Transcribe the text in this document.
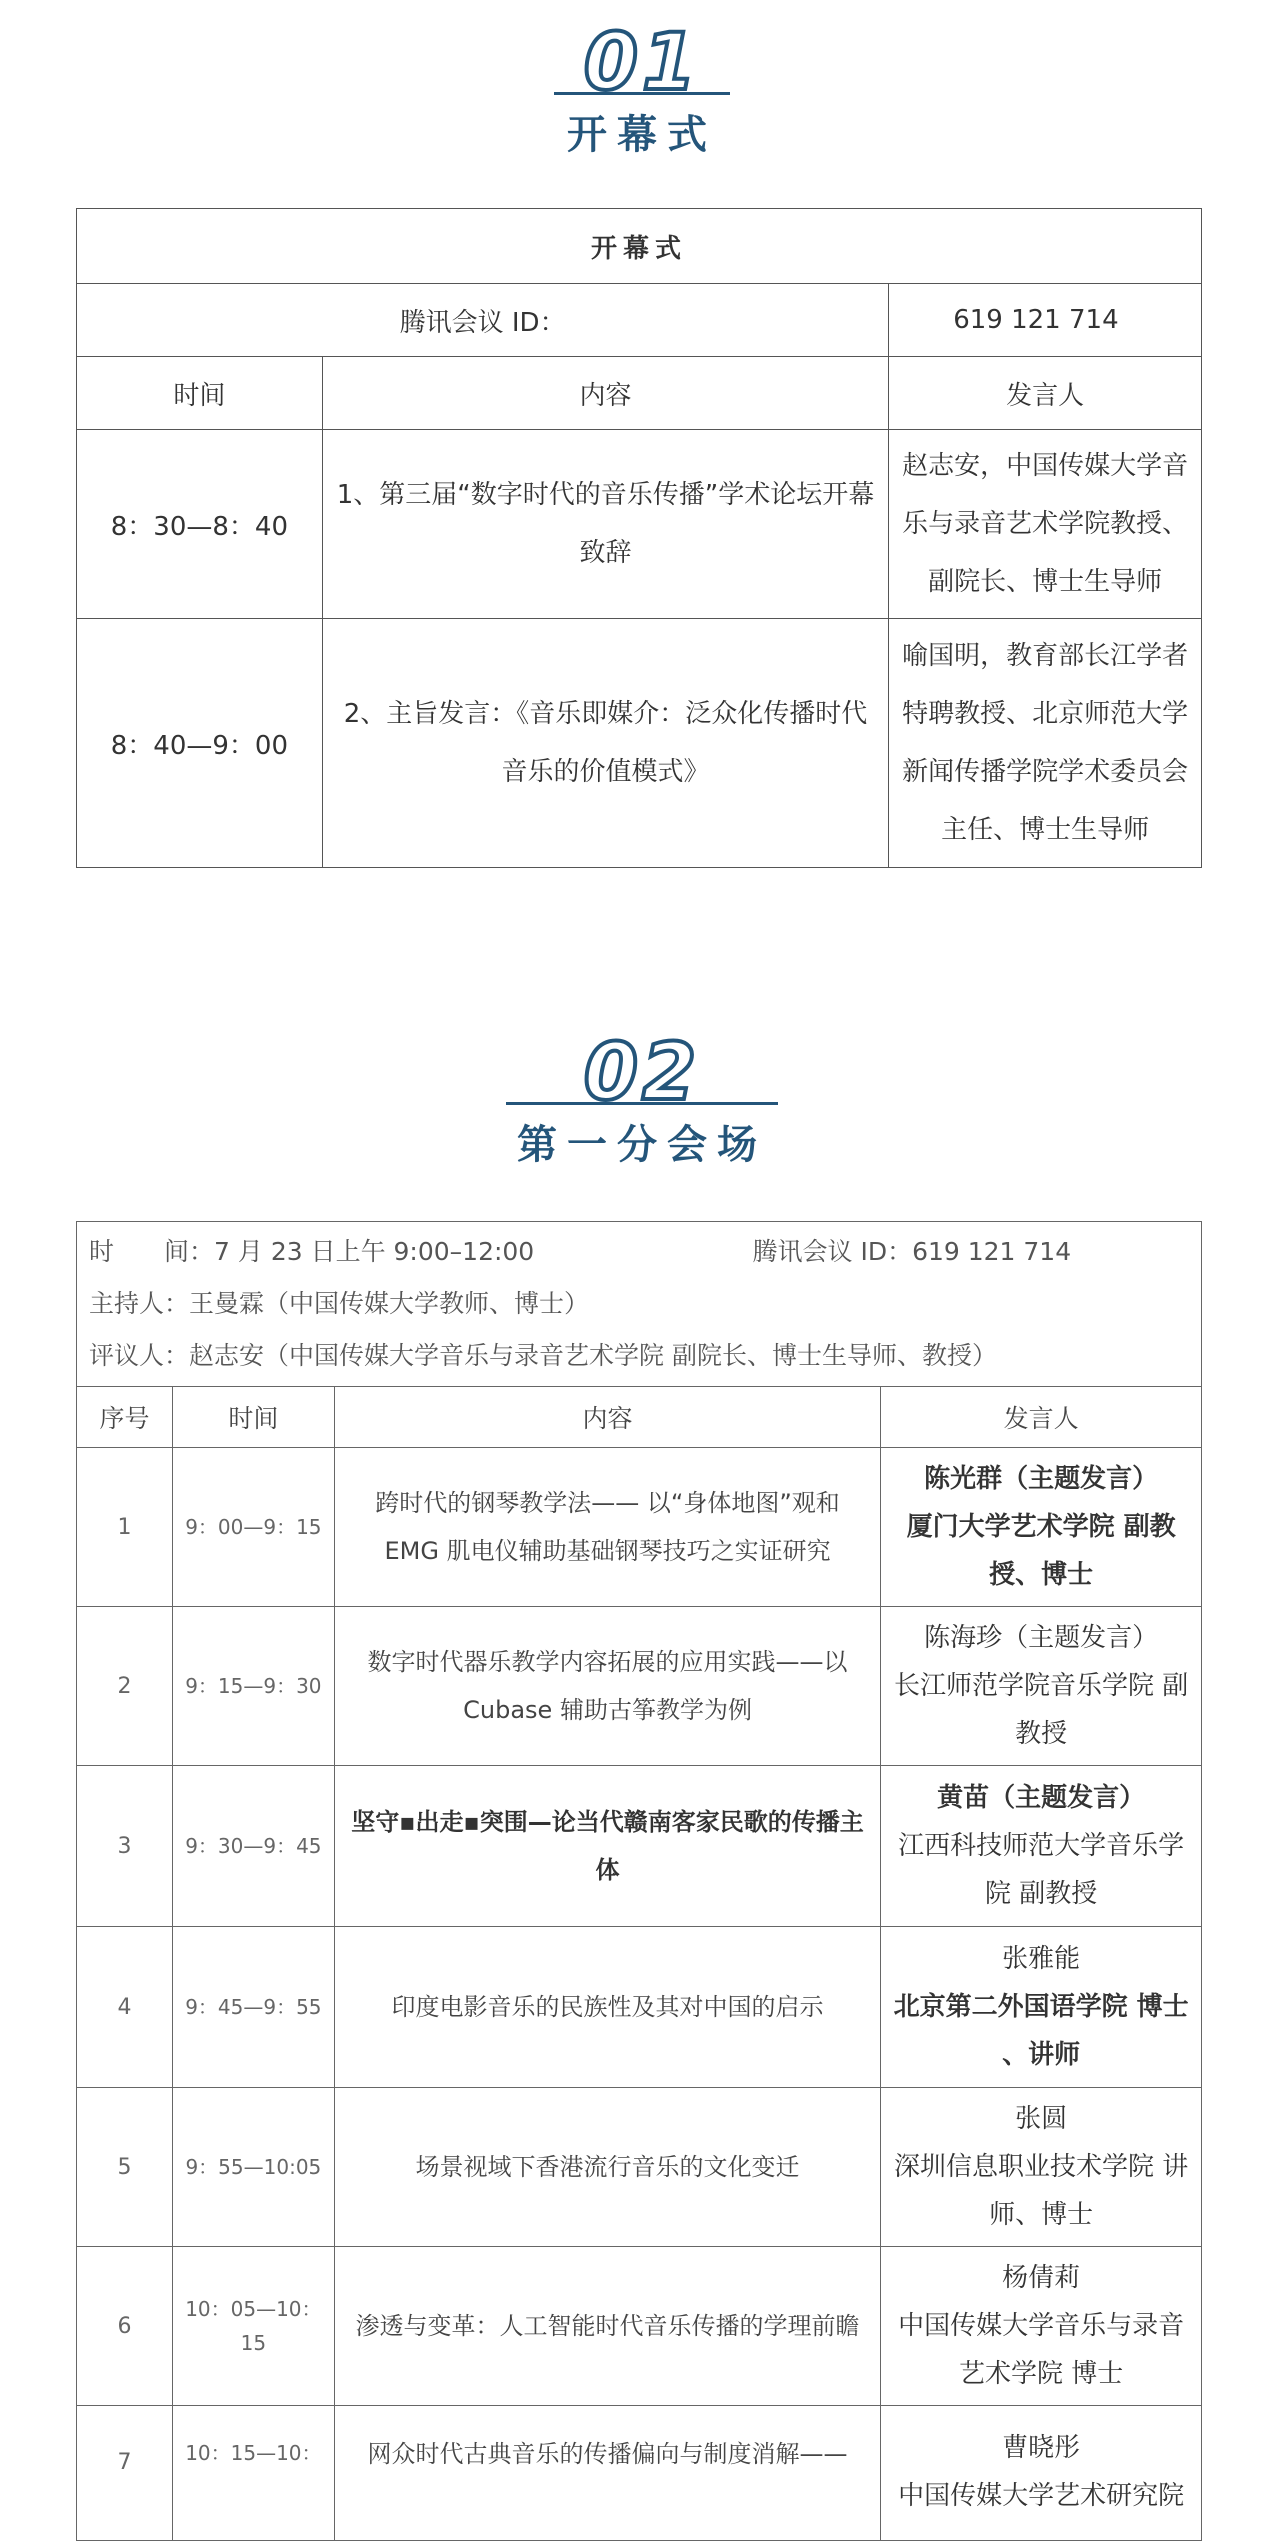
01
开幕式
开幕式		
腾讯会议 ID：		619 121 714
时间	内容	发言人
8：30—8：40	1、第三届“数字时代的音乐传播”学术论坛开幕致辞	赵志安，中国传媒大学音乐与录音艺术学院教授、副院长、博士生导师
8：40—9：00	2、主旨发言：《音乐即媒介：泛众化传播时代音乐的价值模式》	喻国明，教育部长江学者特聘教授、北京师范大学新闻传播学院学术委员会主任、博士生导师
02
第一分会场
时　　间：7 月 23 日上午 9:00–12:00 腾讯会议 ID：619 121 714
主持人：王曼霖（中国传媒大学教师、博士）
评议人：赵志安（中国传媒大学音乐与录音艺术学院 副院长、博士生导师、教授）			

序号	时间	内容	发言人
1	9：00—9：15	跨时代的钢琴教学法—— 以“身体地图”观和 EMG 肌电仪辅助基础钢琴技巧之实证研究	陈光群（主题发言）
厦门大学艺术学院 副教授、博士

2	9：15—9：30	数字时代器乐教学内容拓展的应用实践——以 Cubase 辅助古筝教学为例	陈海珍（主题发言）
长江师范学院音乐学院 副教授

3	9：30—9：45	坚守▪出走▪突围—论当代赣南客家民歌的传播主体	黄苗（主题发言）
江西科技师范大学音乐学院 副教授

4	9：45—9：55	印度电影音乐的民族性及其对中国的启示	张雅能
北京第二外国语学院 博士 、讲师

5	9：55—10:05	场景视域下香港流行音乐的文化变迁	张圆
深圳信息职业技术学院 讲师、博士

6	10：05—10：15	渗透与变革：人工智能时代音乐传播的学理前瞻	杨倩莉
中国传媒大学音乐与录音艺术学院 博士

7	10：15—10：	网众时代古典音乐的传播偏向与制度消解——	曹晓彤
中国传媒大学艺术研究院
